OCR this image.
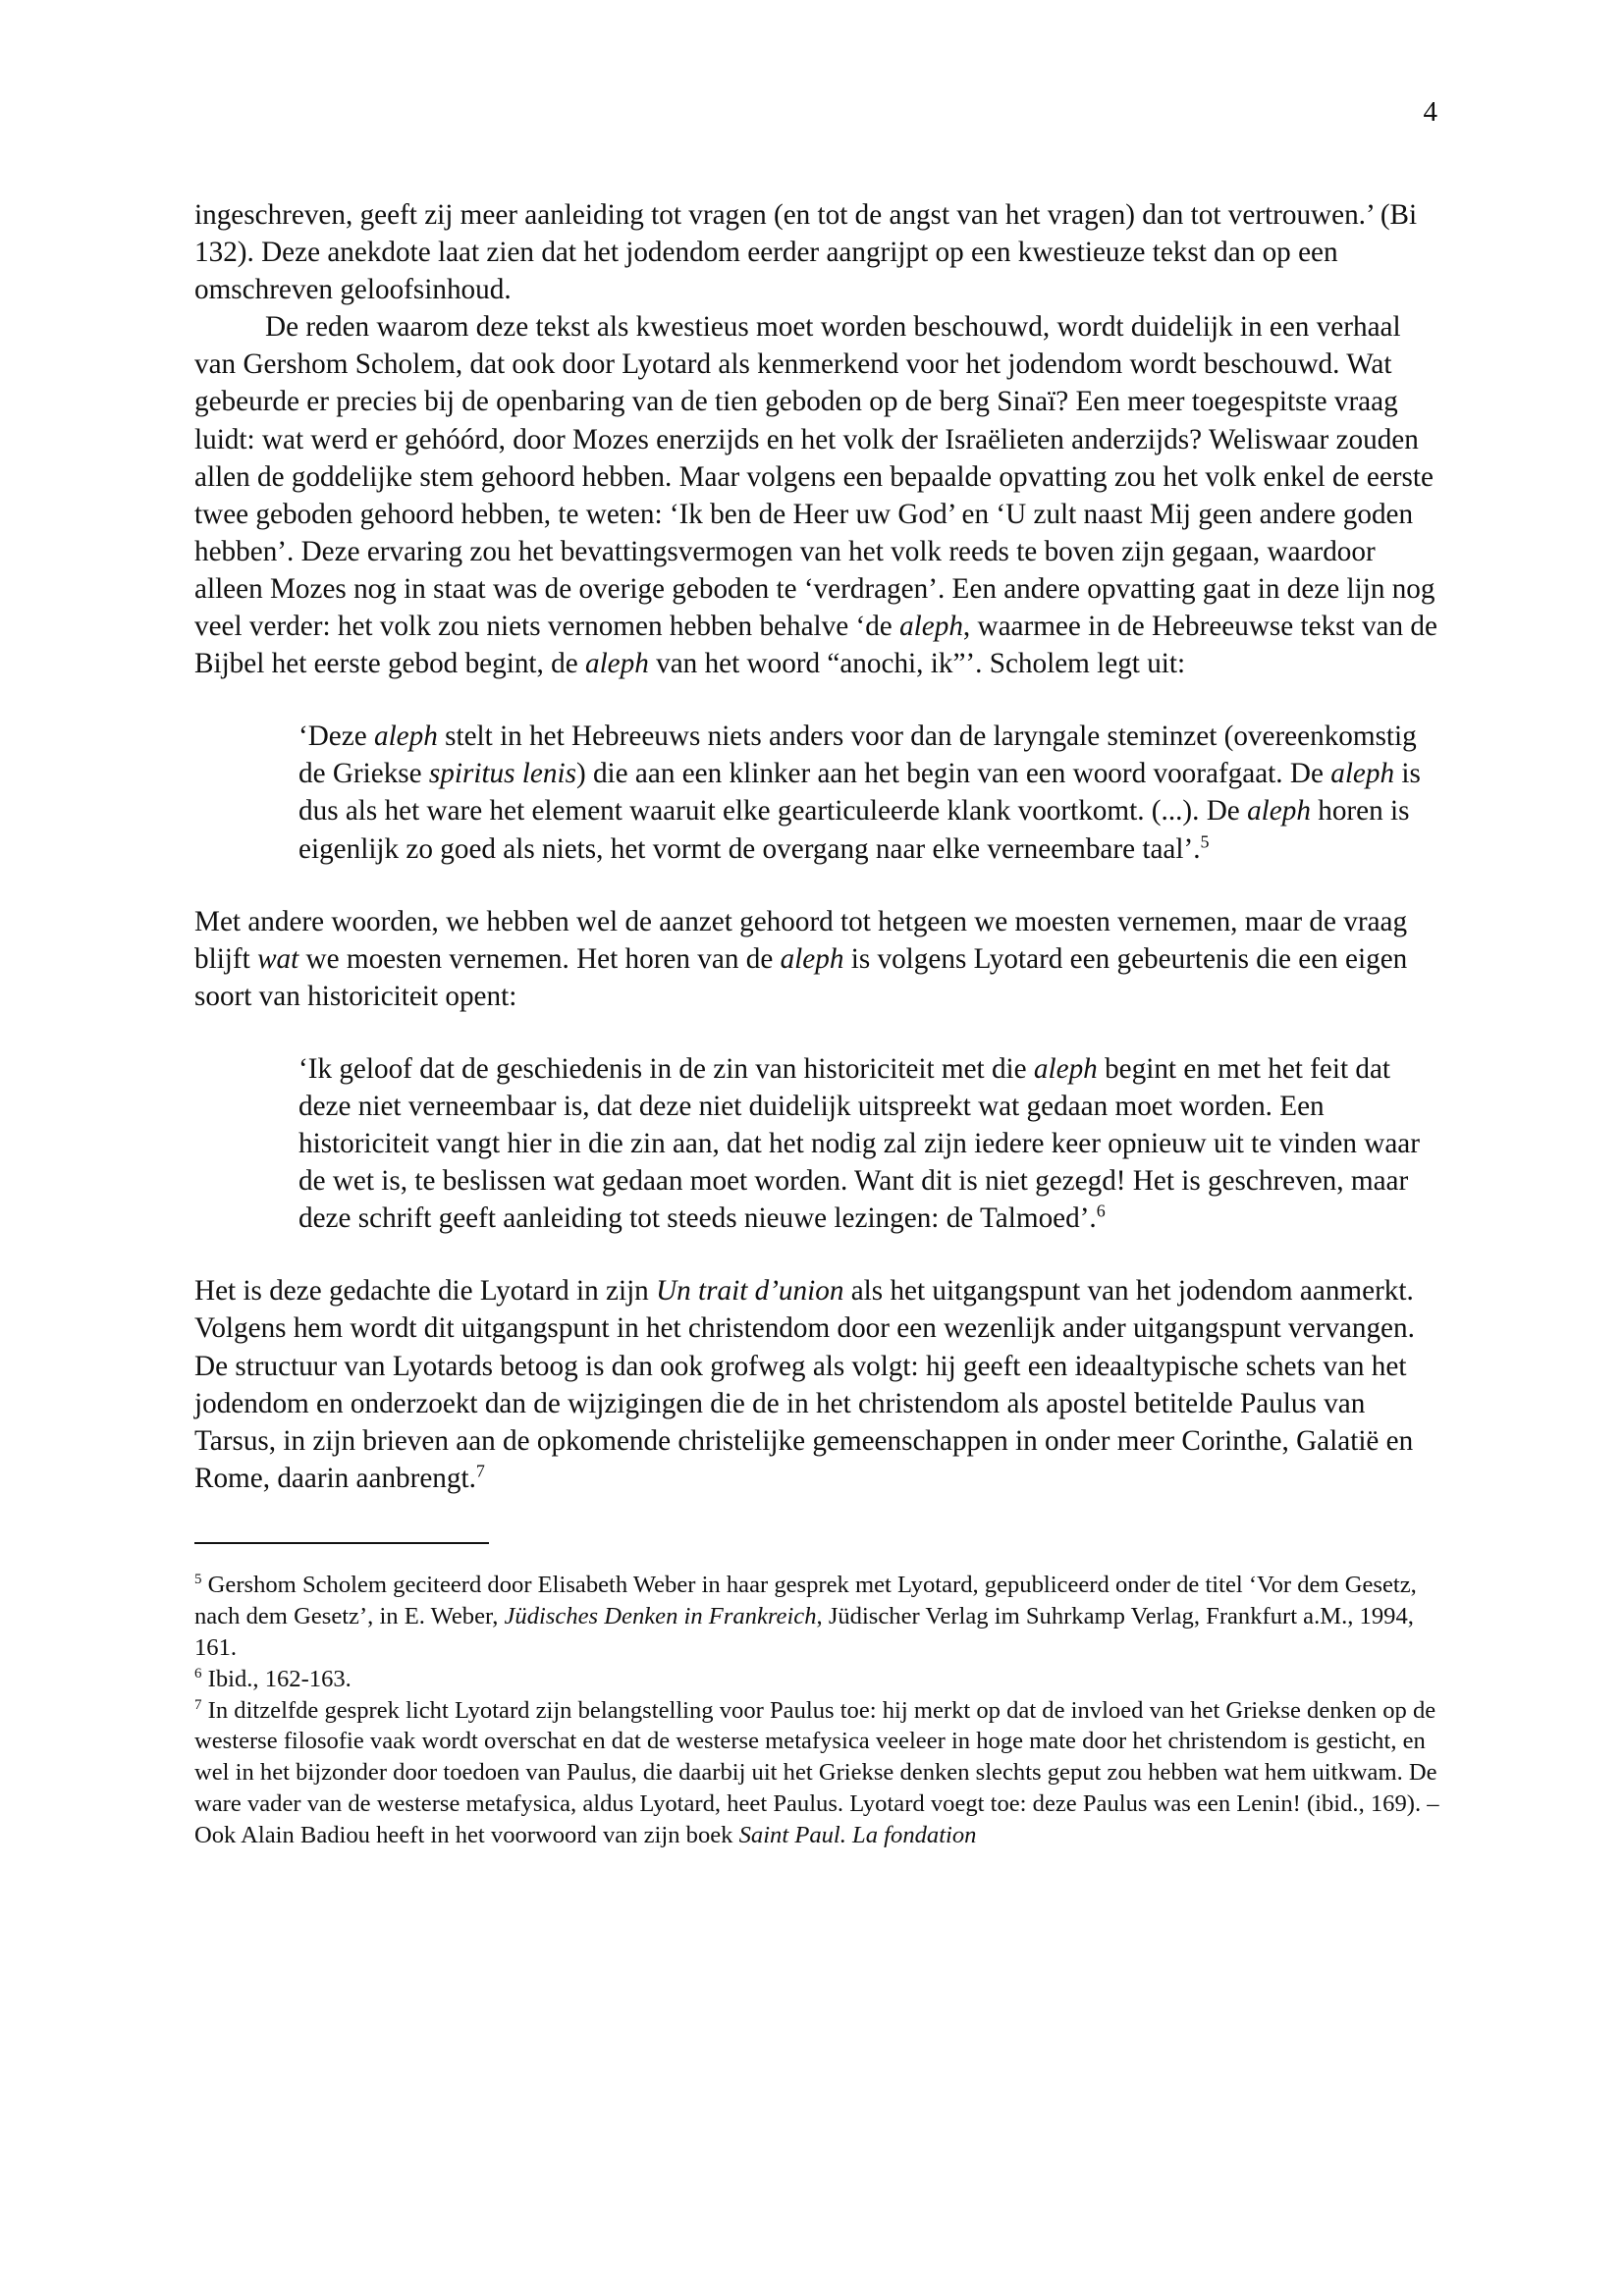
4

ingeschreven, geeft zij meer aanleiding tot vragen (en tot de angst van het vragen) dan tot vertrouwen.’ (Bi 132). Deze anekdote laat zien dat het jodendom eerder aangrijpt op een kwestieuze tekst dan op een omschreven geloofsinhoud.

De reden waarom deze tekst als kwestieus moet worden beschouwd, wordt duidelijk in een verhaal van Gershom Scholem, dat ook door Lyotard als kenmerkend voor het jodendom wordt beschouwd. Wat gebeurde er precies bij de openbaring van de tien geboden op de berg Sinaï? Een meer toegespitste vraag luidt: wat werd er gehóórd, door Mozes enerzijds en het volk der Israëlieten anderzijds? Weliswaar zouden allen de goddelijke stem gehoord hebben. Maar volgens een bepaalde opvatting zou het volk enkel de eerste twee geboden gehoord hebben, te weten: ‘Ik ben de Heer uw God’ en ‘U zult naast Mij geen andere goden hebben’. Deze ervaring zou het bevattingsvermogen van het volk reeds te boven zijn gegaan, waardoor alleen Mozes nog in staat was de overige geboden te ‘verdragen’. Een andere opvatting gaat in deze lijn nog veel verder: het volk zou niets vernomen hebben behalve ‘de aleph, waarmee in de Hebreeuwse tekst van de Bijbel het eerste gebod begint, de aleph van het woord “anochi, ik”’. Scholem legt uit:

‘Deze aleph stelt in het Hebreeuws niets anders voor dan de laryngale steminzet (overeenkomstig de Griekse spiritus lenis) die aan een klinker aan het begin van een woord voorafgaat. De aleph is dus als het ware het element waaruit elke gearticuleerde klank voortkomt. (...). De aleph horen is eigenlijk zo goed als niets, het vormt de overgang naar elke verneembare taal’.$^5$

Met andere woorden, we hebben wel de aanzet gehoord tot hetgeen we moesten vernemen, maar de vraag blijft wat we moesten vernemen. Het horen van de aleph is volgens Lyotard een gebeurtenis die een eigen soort van historiciteit opent:

‘Ik geloof dat de geschiedenis in de zin van historiciteit met die aleph begint en met het feit dat deze niet verneembaar is, dat deze niet duidelijk uitspreekt wat gedaan moet worden. Een historiciteit vangt hier in die zin aan, dat het nodig zal zijn iedere keer opnieuw uit te vinden waar de wet is, te beslissen wat gedaan moet worden. Want dit is niet gezegd! Het is geschreven, maar deze schrift geeft aanleiding tot steeds nieuwe lezingen: de Talmoed’.$^6$

Het is deze gedachte die Lyotard in zijn Un trait d’union als het uitgangspunt van het jodendom aanmerkt. Volgens hem wordt dit uitgangspunt in het christendom door een wezenlijk ander uitgangspunt vervangen. De structuur van Lyotards betoog is dan ook grofweg als volgt: hij geeft een ideaaltypische schets van het jodendom en onderzoekt dan de wijzigingen die de in het christendom als apostel betitelde Paulus van Tarsus, in zijn brieven aan de opkomende christelijke gemeenschappen in onder meer Corinthe, Galatië en Rome, daarin aanbrengt.$^7$

$^5$ Gershom Scholem geciteerd door Elisabeth Weber in haar gesprek met Lyotard, gepubliceerd onder de titel ‘Vor dem Gesetz, nach dem Gesetz’, in E. Weber, Jüdisches Denken in Frankreich, Jüdischer Verlag im Suhrkamp Verlag, Frankfurt a.M., 1994, 161.

$^6$ Ibid., 162-163.

$^7$ In ditzelfde gesprek licht Lyotard zijn belangstelling voor Paulus toe: hij merkt op dat de invloed van het Griekse denken op de westerse filosofie vaak wordt overschat en dat de westerse metafysica veeleer in hoge mate door het christendom is gesticht, en wel in het bijzonder door toedoen van Paulus, die daarbij uit het Griekse denken slechts geput zou hebben wat hem uitkwam. De ware vader van de westerse metafysica, aldus Lyotard, heet Paulus. Lyotard voegt toe: deze Paulus was een Lenin! (ibid., 169). – Ook Alain Badiou heeft in het voorwoord van zijn boek Saint Paul. La fondation
